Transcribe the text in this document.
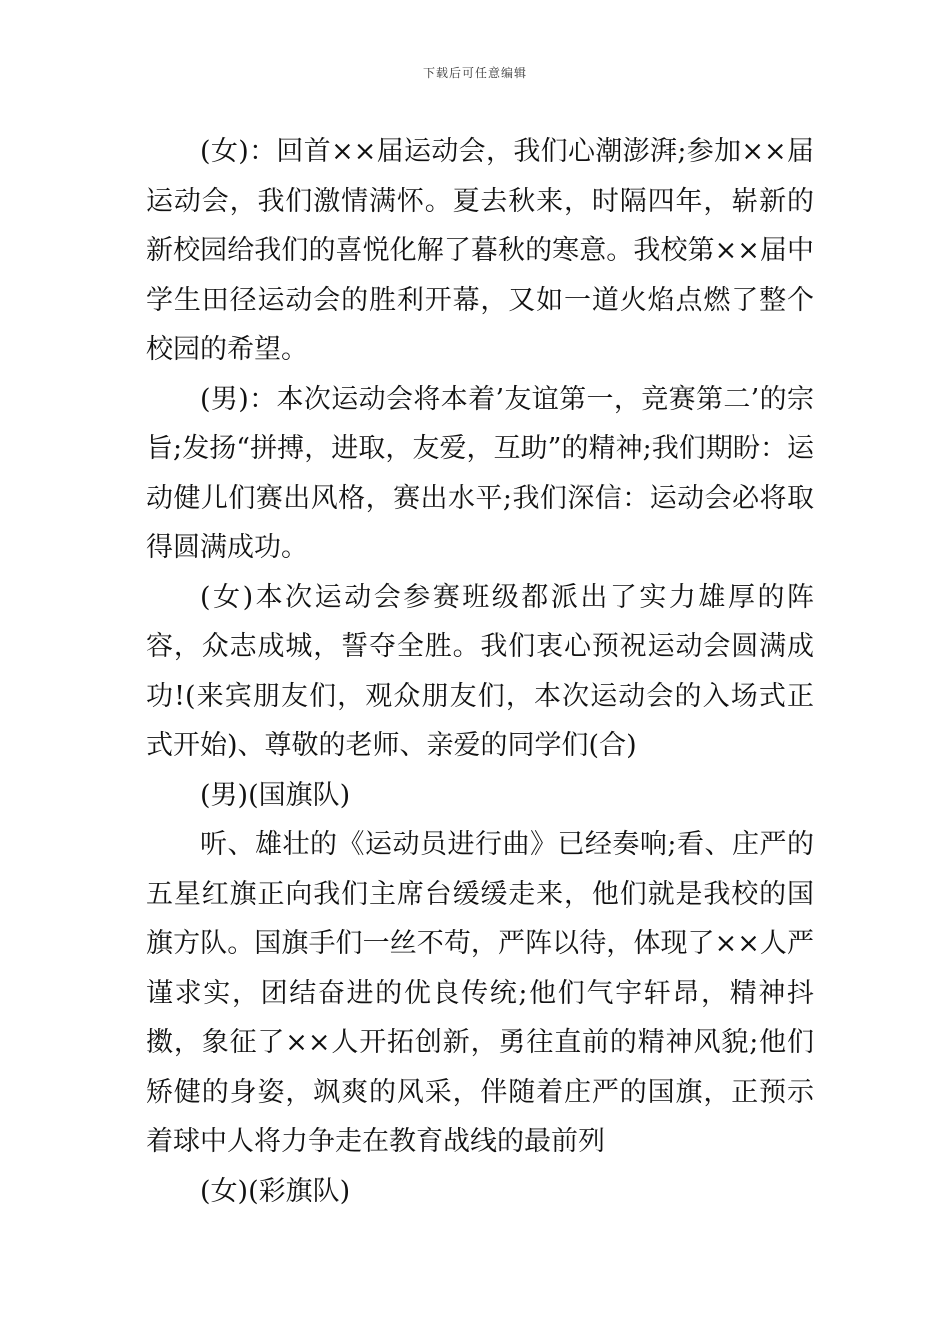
下载后可任意编辑

(女)：回首××届运动会，我们心潮澎湃;参加××届运动会，我们激情满怀。夏去秋来，时隔四年，崭新的新校园给我们的喜悦化解了暮秋的寒意。我校第××届中学生田径运动会的胜利开幕，又如一道火焰点燃了整个校园的希望。

(男)：本次运动会将本着’友谊第一，竞赛第二’的宗旨;发扬“拼搏，进取，友爱，互助”的精神;我们期盼：运动健儿们赛出风格，赛出水平;我们深信：运动会必将取得圆满成功。

(女)本次运动会参赛班级都派出了实力雄厚的阵容，众志成城，誓夺全胜。我们衷心预祝运动会圆满成功!(来宾朋友们，观众朋友们，本次运动会的入场式正式开始)、尊敬的老师、亲爱的同学们(合)

(男)(国旗队)

听、雄壮的《运动员进行曲》已经奏响;看、庄严的五星红旗正向我们主席台缓缓走来，他们就是我校的国旗方队。国旗手们一丝不苟，严阵以待，体现了××人严谨求实，团结奋进的优良传统;他们气宇轩昂，精神抖擞，象征了××人开拓创新，勇往直前的精神风貌;他们矫健的身姿，飒爽的风采，伴随着庄严的国旗，正预示着球中人将力争走在教育战线的最前列

(女)(彩旗队)
